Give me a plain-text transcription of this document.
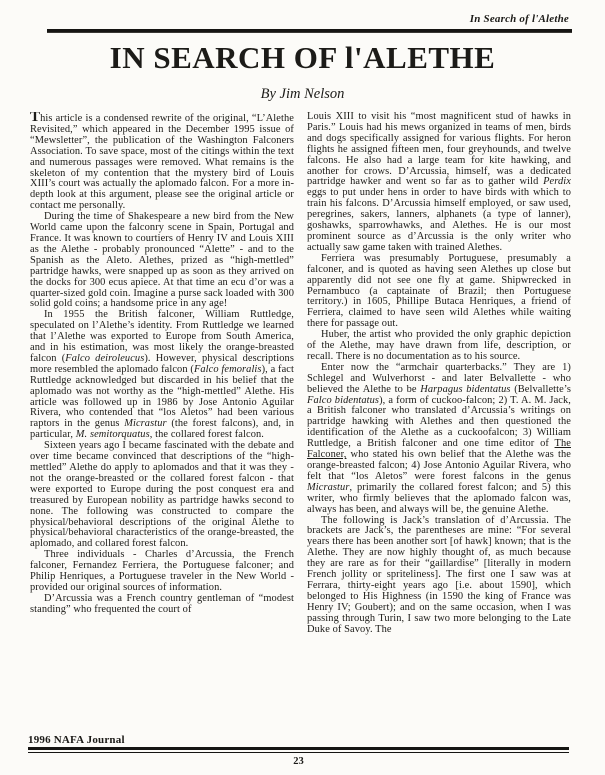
In Search of l'Alethe
IN SEARCH OF l'ALETHE
By Jim Nelson

This article is a condensed rewrite of the original, “L’Alethe Revisited,” which appeared in the December 1995 issue of “Mewsletter”, the publication of the Washington Falconers Association. To save space, most of the citings within the text and numerous passages were removed. What remains is the skeleton of my contention that the mystery bird of Louis XIII’s court was actually the aplomado falcon. For a more in-depth look at this argument, please see the original article or contact me personally.

During the time of Shakespeare a new bird from the New World came upon the falconry scene in Spain, Portugal and France. It was known to courtiers of Henry IV and Louis XIII as the Alethe - probably pronounced “Alette” - and to the Spanish as the Aleto. Alethes, prized as “high-mettled” partridge hawks, were snapped up as soon as they arrived on the docks for 300 ecus apiece. At that time an ecu d’or was a quarter-sized gold coin. Imagine a purse sack loaded with 300 solid gold coins; a handsome price in any age!

In 1955 the British falconer, William Ruttledge, speculated on l’Alethe’s identity. From Ruttledge we learned that l’Alethe was exported to Europe from South America, and in his estimation, was most likely the orange-breasted falcon (Falco deiroleucus). However, physical descriptions more resembled the aplomado falcon (Falco femoralis), a fact Ruttledge acknowledged but discarded in his belief that the aplomado was not worthy as the “high-mettled” Alethe. His article was followed up in 1986 by Jose Antonio Aguilar Rivera, who contended that “los Aletos” had been various raptors in the genus Micrastur (the forest falcons), and, in particular, M. semitorquatus, the collared forest falcon.

Sixteen years ago I became fascinated with the debate and over time became convinced that descriptions of the “high-mettled” Alethe do apply to aplomados and that it was they - not the orange-breasted or the collared forest falcon - that were exported to Europe during the post conquest era and treasured by European nobility as partridge hawks second to none. The following was constructed to compare the physical/behavioral descriptions of the original Alethe to physical/behavioral characteristics of the orange-breasted, the aplomado, and collared forest falcon.

Three individuals - Charles d’Arcussia, the French falconer, Fernandez Ferriera, the Portuguese falconer; and Philip Henriques, a Portuguese traveler in the New World - provided our original sources of information.

D’Arcussia was a French country gentleman of “modest standing” who frequented the court of

Louis XIII to visit his “most magnificent stud of hawks in Paris.” Louis had his mews organized in teams of men, birds and dogs specifically assigned for various flights. For heron flights he assigned fifteen men, four greyhounds, and twelve falcons. He also had a large team for kite hawking, and another for crows. D’Arcussia, himself, was a dedicated partridge hawker and went so far as to gather wild Perdix eggs to put under hens in order to have birds with which to train his falcons. D’Arcussia himself employed, or saw used, peregrines, sakers, lanners, alphanets (a type of lanner), goshawks, sparrowhawks, and Alethes. He is our most prominent source as d’Arcussia is the only writer who actually saw game taken with trained Alethes.

Ferriera was presumably Portuguese, presumably a falconer, and is quoted as having seen Alethes up close but apparently did not see one fly at game. Shipwrecked in Pernambuco (a captainate of Brazil; then Portuguese territory.) in 1605, Phillipe Butaca Henriques, a friend of Ferriera, claimed to have seen wild Alethes while waiting there for passage out.

Huber, the artist who provided the only graphic depiction of the Alethe, may have drawn from life, description, or recall. There is no documentation as to his source.

Enter now the “armchair quarterbacks.” They are 1) Schlegel and Wulverhorst - and later Belvallette - who believed the Alethe to be Harpagus bidentatus (Belvallette’s Falco bidentatus), a form of cuckoo-falcon; 2) T. A. M. Jack, a British falconer who translated d’Arcussia’s writings on partridge hawking with Alethes and then questioned the identification of the Alethe as a cuckoofalcon; 3) William Ruttledge, a British falconer and one time editor of The Falconer, who stated his own belief that the Alethe was the orange-breasted falcon; 4) Jose Antonio Aguilar Rivera, who felt that “los Aletos” were forest falcons in the genus Micrastur, primarily the collared forest falcon; and 5) this writer, who firmly believes that the aplomado falcon was, always has been, and always will be, the genuine Alethe.

The following is Jack’s translation of d’Arcussia. The brackets are Jack’s, the parentheses are mine: “For several years there has been another sort [of hawk] known; that is the Alethe. They are now highly thought of, as much because they are rare as for their “gaillardise” [literally in modern French jollity or spriteliness]. The first one I saw was at Ferrara, thirty-eight years ago [i.e. about 1590], which belonged to His Highness (in 1590 the king of France was Henry IV; Goubert); and on the same occasion, when I was passing through Turin, I saw two more belonging to the Late Duke of Savoy. The

1996 NAFA Journal
23
